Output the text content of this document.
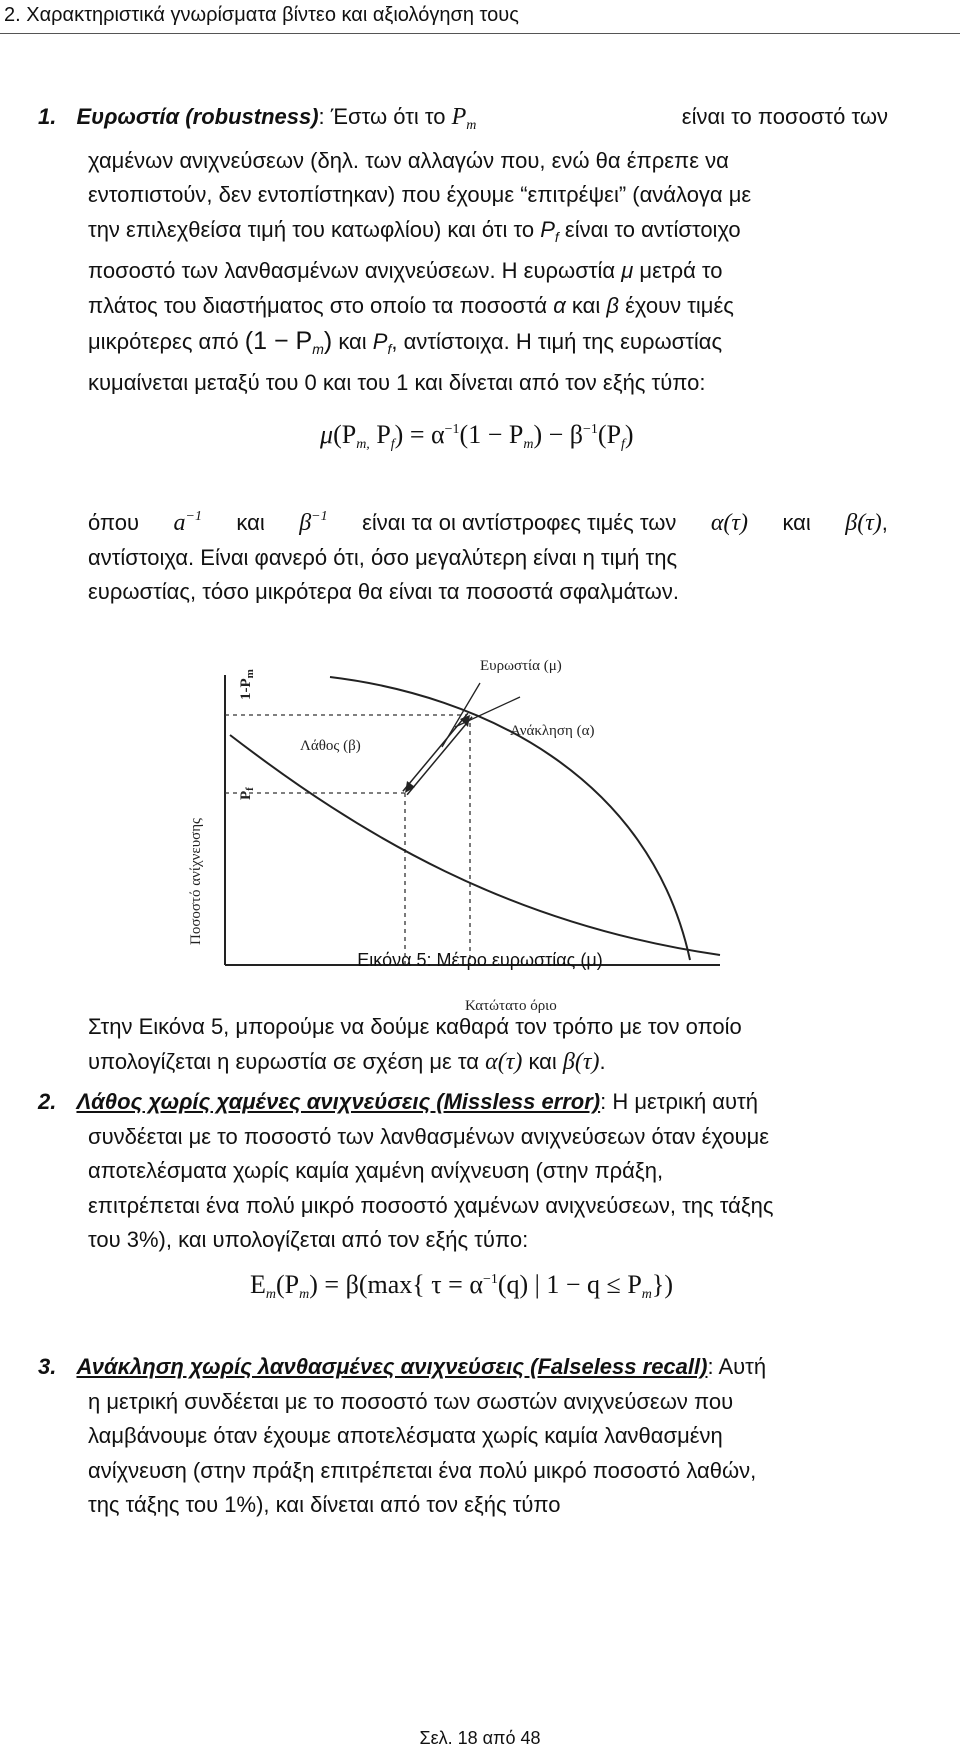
2. Χαρακτηριστικά γνωρίσματα βίντεο και αξιολόγηση τους
1. Ευρωστία (robustness): Έστω ότι το $P_m$	είναι το ποσοστό των
χαμένων ανιχνεύσεων (δηλ. των αλλαγών που, ενώ θα έπρεπε να
εντοπιστούν, δεν εντοπίστηκαν) που έχουμε “επιτρέψει” (ανάλογα με
την επιλεχθείσα τιμή του κατωφλίου) και ότι το $P_f$ είναι το αντίστοιχο
ποσοστό των λανθασμένων ανιχνεύσεων. Η ευρωστία μ μετρά το
πλάτος του διαστήματος στο οποίο τα ποσοστά α και β έχουν τιμές
μικρότερες από $(1 - P_m)$ και $P_f$, αντίστοιχα. Η τιμή της ευρωστίας
κυμαίνεται μεταξύ του 0 και του 1 και δίνεται από τον εξής τύπο:
$\mu(P_{m,}$ $P_f) = \alpha^{-1}(1 - P_m) - \beta^{-1}(P_f)$
όπου $a^{-1}$ και $\beta^{-1}$ είναι τα οι αντίστροφες τιμές των α(τ) και β(τ),
αντίστοιχα. Είναι φανερό ότι, όσο μεγαλύτερη είναι η τιμή της
ευρωστίας, τόσο μικρότερα θα είναι τα ποσοστά σφαλμάτων.
Ποσοστό ανίχνευσης
$P_f$
$1-P_m$	Ευρωστία (μ)
Ανάκληση (α)
Λάθος (β)
Κατώτατο όριο
Εικόνα 5: Μέτρο ευρωστίας (μ)
Στην Εικόνα 5, μπορούμε να δούμε καθαρά τον τρόπο με τον οποίο
υπολογίζεται η ευρωστία σε σχέση με τα α(τ) και β(τ).
2. Λάθος χωρίς χαμένες ανιχνεύσεις (Missless error): Η μετρική αυτή
συνδέεται με το ποσοστό των λανθασμένων ανιχνεύσεων όταν έχουμε
αποτελέσματα χωρίς καμία χαμένη ανίχνευση (στην πράξη,
επιτρέπεται ένα πολύ μικρό ποσοστό χαμένων ανιχνεύσεων, της τάξης
του 3%), και υπολογίζεται από τον εξής τύπο:
$E_m(P_m) = \beta(\max${ $\tau = \alpha^{-1}(q)$ | $1 - q \le P_m$})
3. Ανάκληση χωρίς λανθασμένες ανιχνεύσεις (Falseless recall): Αυτή
η μετρική συνδέεται με το ποσοστό των σωστών ανιχνεύσεων που
λαμβάνουμε όταν έχουμε αποτελέσματα χωρίς καμία λανθασμένη
ανίχνευση (στην πράξη επιτρέπεται ένα πολύ μικρό ποσοστό λαθών,
της τάξης του 1%), και δίνεται από τον εξής τύπο
Σελ. 18 από 48
